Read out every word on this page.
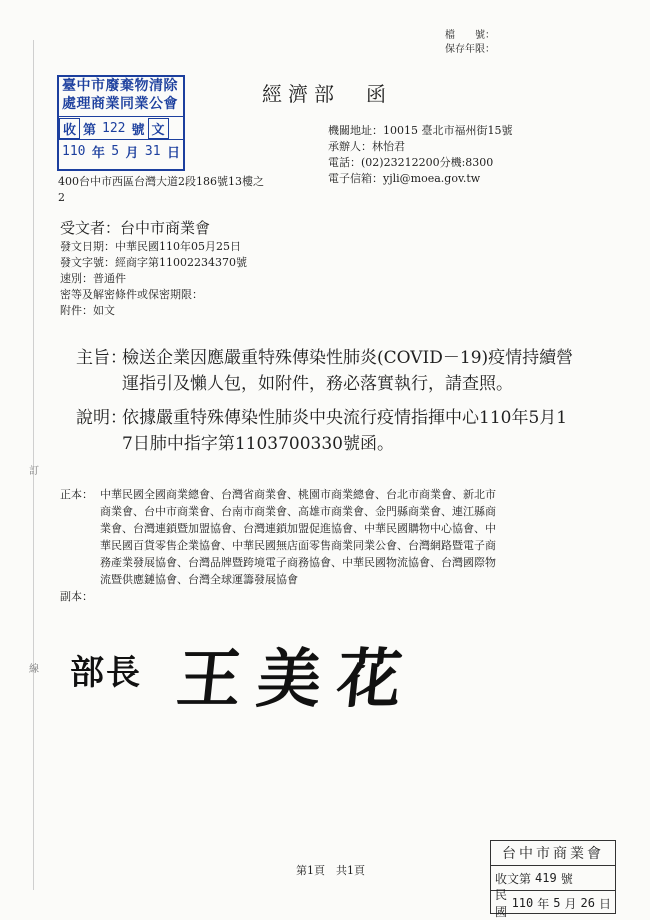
訂
線
檔　　號：
保存年限：
臺中市廢棄物清除
處理商業同業公會
收 第 122 號 文
110 年 5 月 31 日
經濟部　函
機關地址：10015 臺北市福州街15號
承辦人：林怡君
電話：(02)23212200分機:8300
電子信箱：yjli@moea.gov.tw
400台中市西區台灣大道2段186號13樓之
2
受文者：台中市商業會
發文日期：中華民國110年05月25日
發文字號：經商字第11002234370號
速別：普通件
密等及解密條件或保密期限：
附件：如文
主旨：
檢送企業因應嚴重特殊傳染性肺炎(COVID－19)疫情持續營
運指引及懶人包，如附件，務必落實執行，請查照。
說明：
依據嚴重特殊傳染性肺炎中央流行疫情指揮中心110年5月1
7日肺中指字第1103700330號函。
正本： 中華民國全國商業總會、台灣省商業會、桃園市商業總會、台北市商業會、新北市
商業會、台中市商業會、台南市商業會、高雄市商業會、金門縣商業會、連江縣商
業會、台灣連鎖暨加盟協會、台灣連鎖加盟促進協會、中華民國購物中心協會、中
華民國百貨零售企業協會、中華民國無店面零售商業同業公會、台灣網路暨電子商
務產業發展協會、台灣品牌暨跨境電子商務協會、中華民國物流協會、台灣國際物
流暨供應鏈協會、台灣全球運籌發展協會
副本：
部長 王美花
第1頁　共1頁
台中市商業會
收文第 419 號
民國
110 年 5 月 26 日
